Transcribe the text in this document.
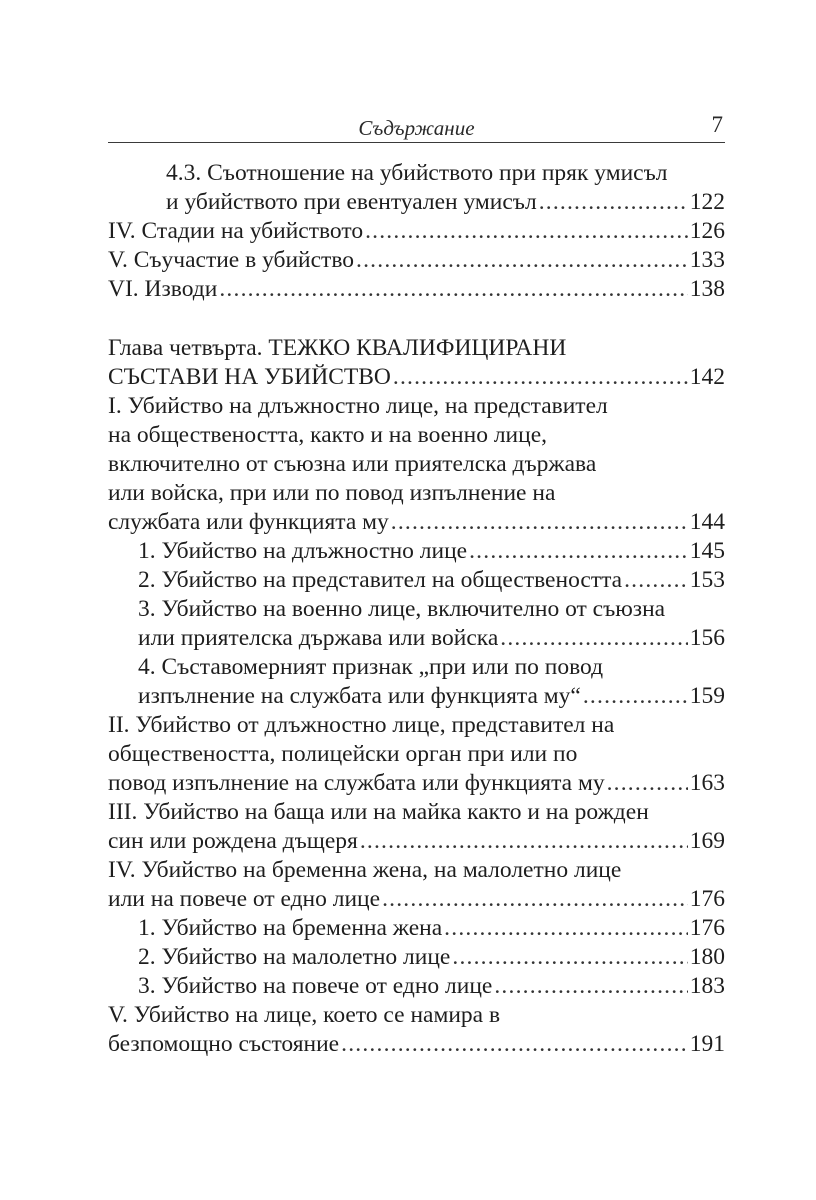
Съдържание	7
4.3. Съотношение на убийството при пряк умисъл
и убийството при евентуален умисъл .....	122
IV. Стадии на убийството .....	126
V. Съучастие в убийство .....	133
VI. Изводи .....	138
Глава четвърта. ТЕЖКО КВАЛИФИЦИРАНИ
СЪСТАВИ НА УБИЙСТВО .....	142
I. Убийство на длъжностно лице, на представител
на обществеността, както и на военно лице,
включително от съюзна или приятелска държава
или войска, при или по повод изпълнение на
службата или функцията му .....	144
1. Убийство на длъжностно лице .....	145
2. Убийство на представител на обществеността .....	153
3. Убийство на военно лице, включително от съюзна
или приятелска държава или войска .....	156
4. Съставомерният признак „при или по повод
изпълнение на службата или функцията му“ .....	159
II. Убийство от длъжностно лице, представител на
обществеността, полицейски орган при или по
повод изпълнение на службата или функцията му .....	163
III. Убийство на баща или на майка както и на рожден
син или рождена дъщеря .....	169
IV. Убийство на бременна жена, на малолетно лице
или на повече от едно лице .....	176
1. Убийство на бременна жена .....	176
2. Убийство на малолетно лице .....	180
3. Убийство на повече от едно лице .....	183
V. Убийство на лице, което се намира в
безпомощно състояние .....	191
